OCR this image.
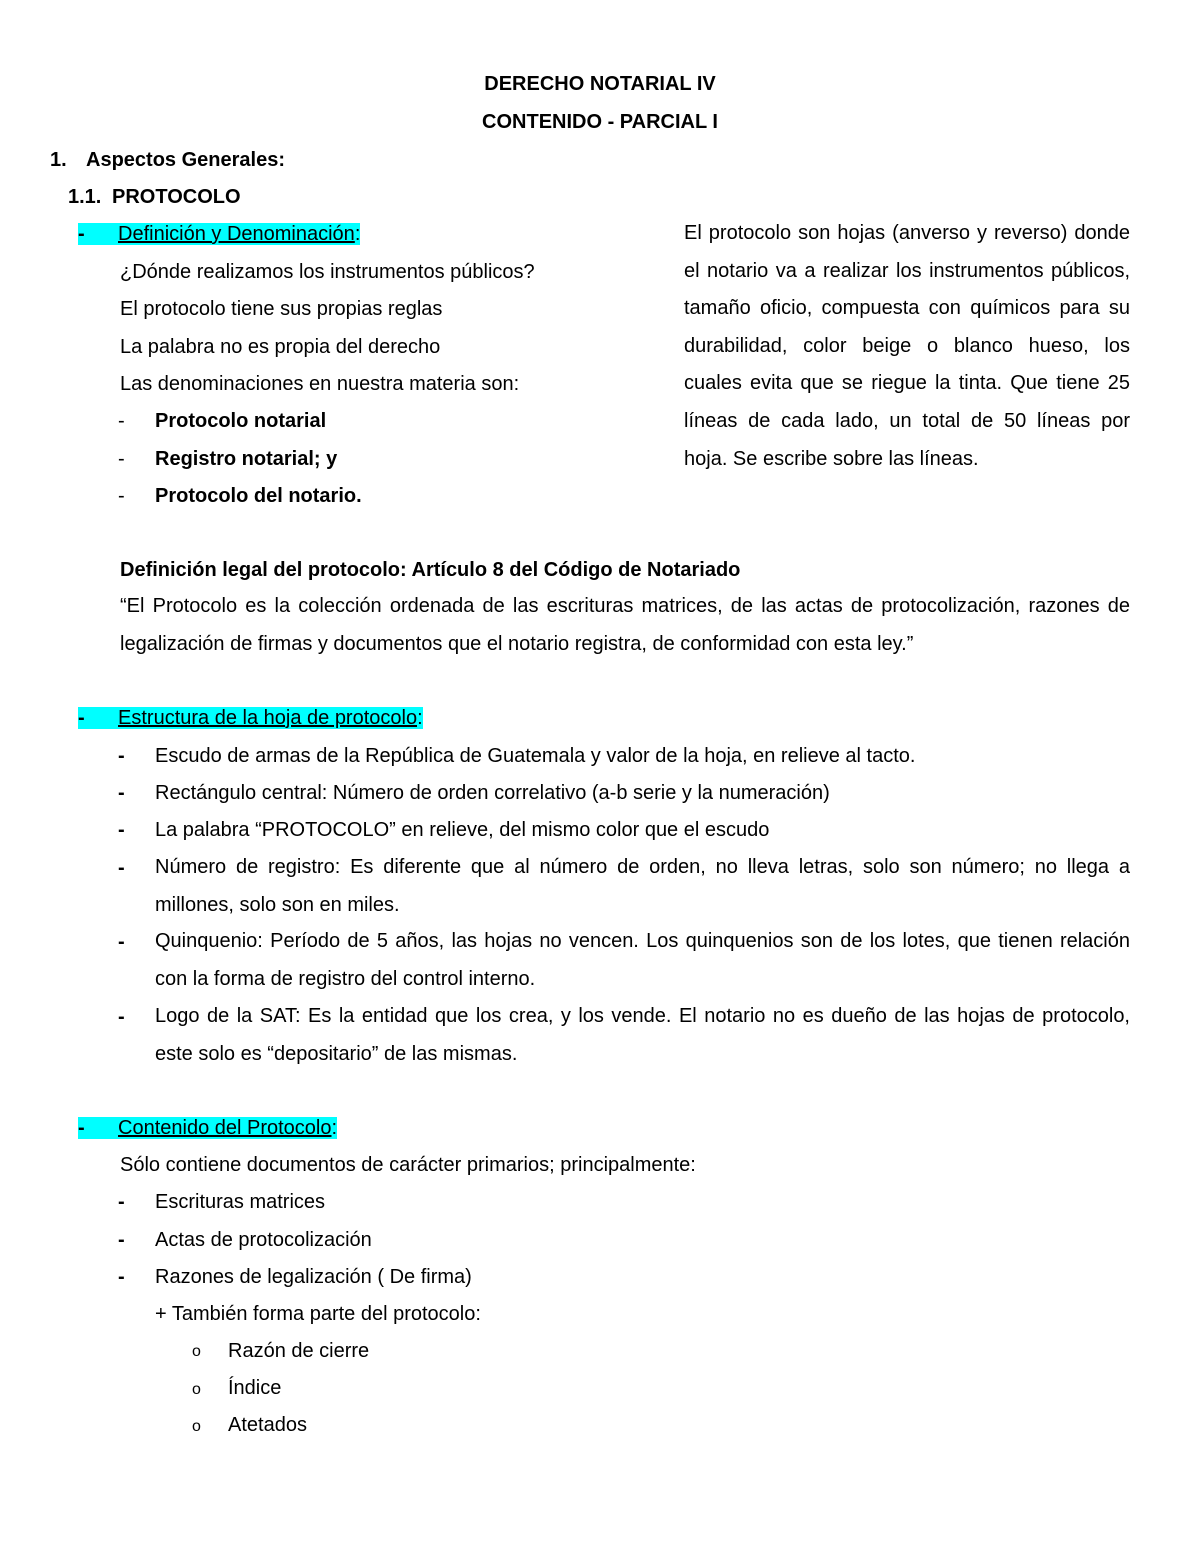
DERECHO NOTARIAL IV
CONTENIDO - PARCIAL I
1. Aspectos Generales:
1.1. PROTOCOLO
- Definición y Denominación:
¿Dónde realizamos los instrumentos públicos?
El protocolo tiene sus propias reglas
La palabra no es propia del derecho
Las denominaciones en nuestra materia son:
- Protocolo notarial
- Registro notarial; y
- Protocolo del notario.
El protocolo son hojas (anverso y reverso) donde el notario va a realizar los instrumentos públicos, tamaño oficio, compuesta con químicos para su durabilidad, color beige o blanco hueso, los cuales evita que se riegue la tinta. Que tiene 25 líneas de cada lado, un total de 50 líneas por hoja. Se escribe sobre las líneas.
Definición legal del protocolo: Artículo 8 del Código de Notariado
“El Protocolo es la colección ordenada de las escrituras matrices, de las actas de protocolización, razones de legalización de firmas y documentos que el notario registra, de conformidad con esta ley.”
- Estructura de la hoja de protocolo:
- Escudo de armas de la República de Guatemala y valor de la hoja, en relieve al tacto.
- Rectángulo central: Número de orden correlativo (a-b serie y la numeración)
- La palabra “PROTOCOLO” en relieve, del mismo color que el escudo
- Número de registro: Es diferente que al número de orden, no lleva letras, solo son número; no llega a millones, solo son en miles.
- Quinquenio: Período de 5 años, las hojas no vencen. Los quinquenios son de los lotes, que tienen relación con la forma de registro del control interno.
- Logo de la SAT: Es la entidad que los crea, y los vende. El notario no es dueño de las hojas de protocolo, este solo es “depositario” de las mismas.
- Contenido del Protocolo:
Sólo contiene documentos de carácter primarios; principalmente:
- Escrituras matrices
- Actas de protocolización
- Razones de legalización ( De firma)
+ También forma parte del protocolo:
o Razón de cierre
o Índice
o Atetados
